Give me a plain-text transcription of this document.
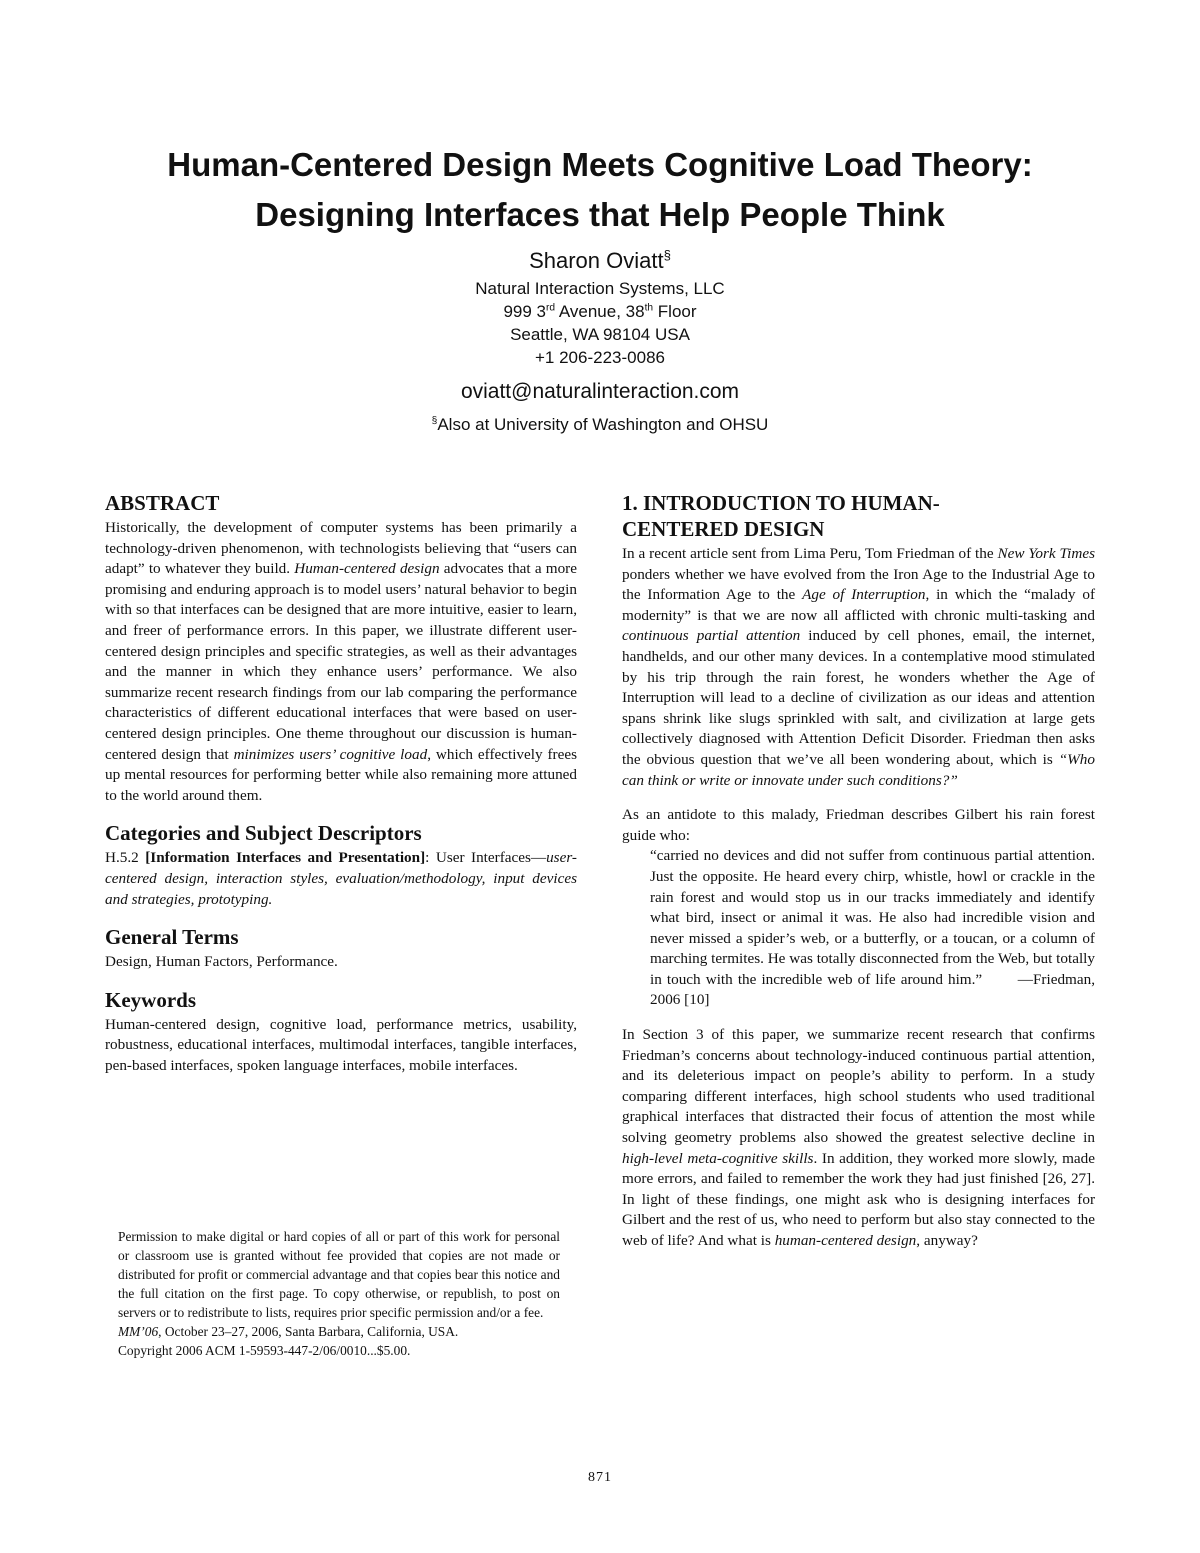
Human-Centered Design Meets Cognitive Load Theory:
Designing Interfaces that Help People Think
Sharon Oviatt§
Natural Interaction Systems, LLC
999 3rd Avenue, 38th Floor
Seattle, WA 98104 USA
+1 206-223-0086
oviatt@naturalinteraction.com
§Also at University of Washington and OHSU
ABSTRACT

Historically, the development of computer systems has been primarily a technology-driven phenomenon, with technologists believing that “users can adapt” to whatever they build. Human-centered design advocates that a more promising and enduring approach is to model users’ natural behavior to begin with so that interfaces can be designed that are more intuitive, easier to learn, and freer of performance errors. In this paper, we illustrate different user-centered design principles and specific strategies, as well as their advantages and the manner in which they enhance users’ performance. We also summarize recent research findings from our lab comparing the performance characteristics of different educational interfaces that were based on user-centered design principles. One theme throughout our discussion is human-centered design that minimizes users’ cognitive load, which effectively frees up mental resources for performing better while also remaining more attuned to the world around them.

Categories and Subject Descriptors

H.5.2 [Information Interfaces and Presentation]: User Interfaces—user-centered design, interaction styles, evaluation/methodology, input devices and strategies, prototyping.

General Terms

Design, Human Factors, Performance.

Keywords

Human-centered design, cognitive load, performance metrics, usability, robustness, educational interfaces, multimodal interfaces, tangible interfaces, pen-based interfaces, spoken language interfaces, mobile interfaces.

Permission to make digital or hard copies of all or part of this work for personal or classroom use is granted without fee provided that copies are not made or distributed for profit or commercial advantage and that copies bear this notice and the full citation on the first page. To copy otherwise, or republish, to post on servers or to redistribute to lists, requires prior specific permission and/or a fee.

MM’06, October 23–27, 2006, Santa Barbara, California, USA.

Copyright 2006 ACM 1-59593-447-2/06/0010...$5.00.

1. INTRODUCTION TO HUMAN-
CENTERED DESIGN

In a recent article sent from Lima Peru, Tom Friedman of the New York Times ponders whether we have evolved from the Iron Age to the Industrial Age to the Information Age to the Age of Interruption, in which the “malady of modernity” is that we are now all afflicted with chronic multi-tasking and continuous partial attention induced by cell phones, email, the internet, handhelds, and our other many devices. In a contemplative mood stimulated by his trip through the rain forest, he wonders whether the Age of Interruption will lead to a decline of civilization as our ideas and attention spans shrink like slugs sprinkled with salt, and civilization at large gets collectively diagnosed with Attention Deficit Disorder. Friedman then asks the obvious question that we’ve all been wondering about, which is “Who can think or write or innovate under such conditions?”

As an antidote to this malady, Friedman describes Gilbert his rain forest guide who:

“carried no devices and did not suffer from continuous partial attention. Just the opposite. He heard every chirp, whistle, howl or crackle in the rain forest and would stop us in our tracks immediately and identify what bird, insect or animal it was. He also had incredible vision and never missed a spider’s web, or a butterfly, or a toucan, or a column of marching termites. He was totally disconnected from the Web, but totally in touch with the incredible web of life around him.” —Friedman, 2006 [10]

In Section 3 of this paper, we summarize recent research that confirms Friedman’s concerns about technology-induced continuous partial attention, and its deleterious impact on people’s ability to perform. In a study comparing different interfaces, high school students who used traditional graphical interfaces that distracted their focus of attention the most while solving geometry problems also showed the greatest selective decline in high-level meta-cognitive skills. In addition, they worked more slowly, made more errors, and failed to remember the work they had just finished [26, 27]. In light of these findings, one might ask who is designing interfaces for Gilbert and the rest of us, who need to perform but also stay connected to the web of life? And what is human-centered design, anyway?

871
